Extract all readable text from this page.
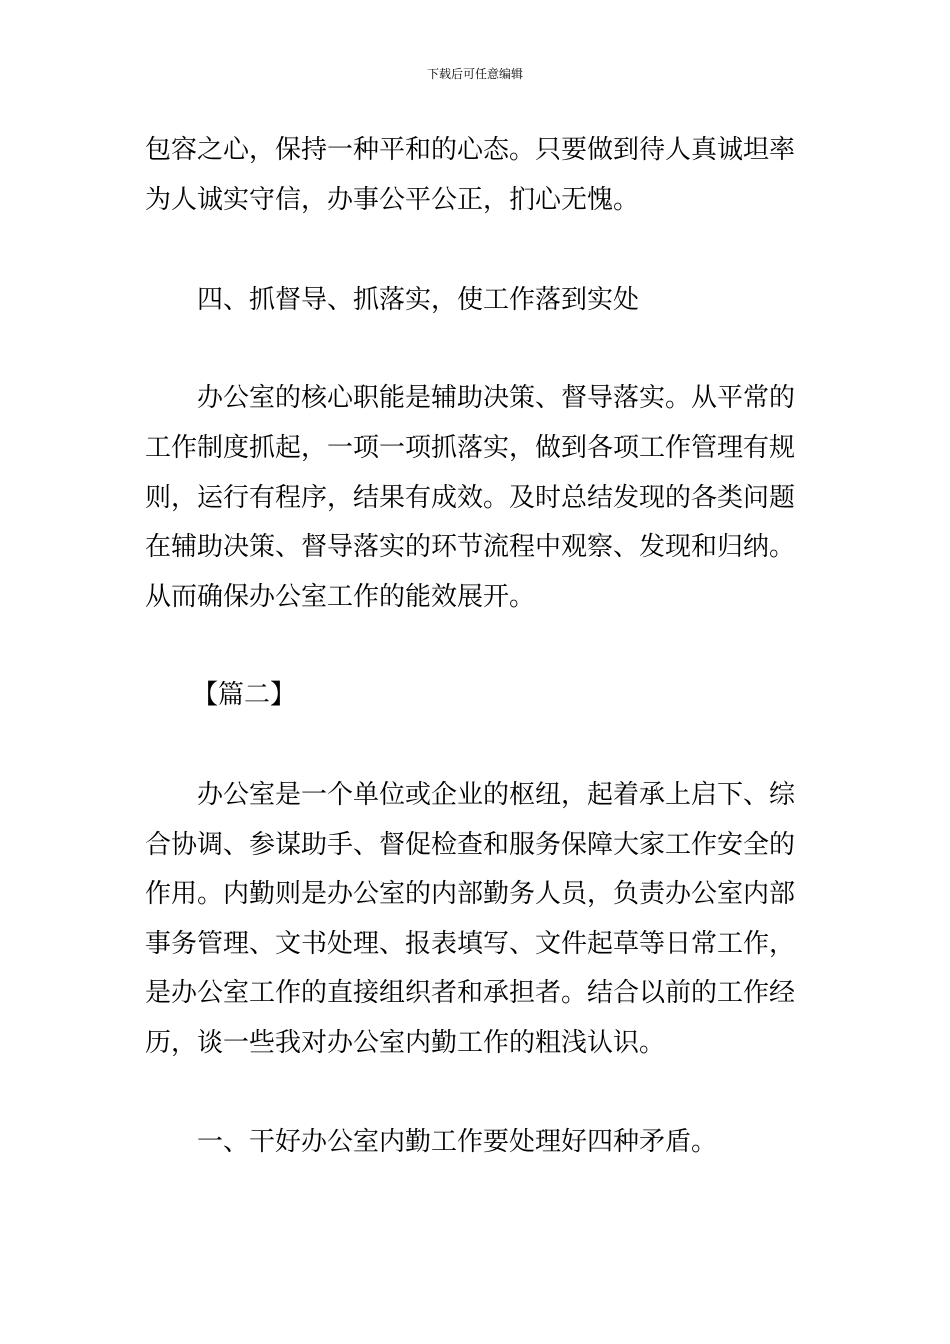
下载后可任意编辑
包容之心，保持一种平和的心态。只要做到待人真诚坦率
为人诚实守信，办事公平公正，扪心无愧。
四、抓督导、抓落实，使工作落到实处
办公室的核心职能是辅助决策、督导落实。从平常的
工作制度抓起，一项一项抓落实，做到各项工作管理有规
则，运行有程序，结果有成效。及时总结发现的各类问题
在辅助决策、督导落实的环节流程中观察、发现和归纳。
从而确保办公室工作的能效展开。
【篇二】
办公室是一个单位或企业的枢纽，起着承上启下、综
合协调、参谋助手、督促检查和服务保障大家工作安全的
作用。内勤则是办公室的内部勤务人员，负责办公室内部
事务管理、文书处理、报表填写、文件起草等日常工作，
是办公室工作的直接组织者和承担者。结合以前的工作经
历，谈一些我对办公室内勤工作的粗浅认识。
一、干好办公室内勤工作要处理好四种矛盾。
